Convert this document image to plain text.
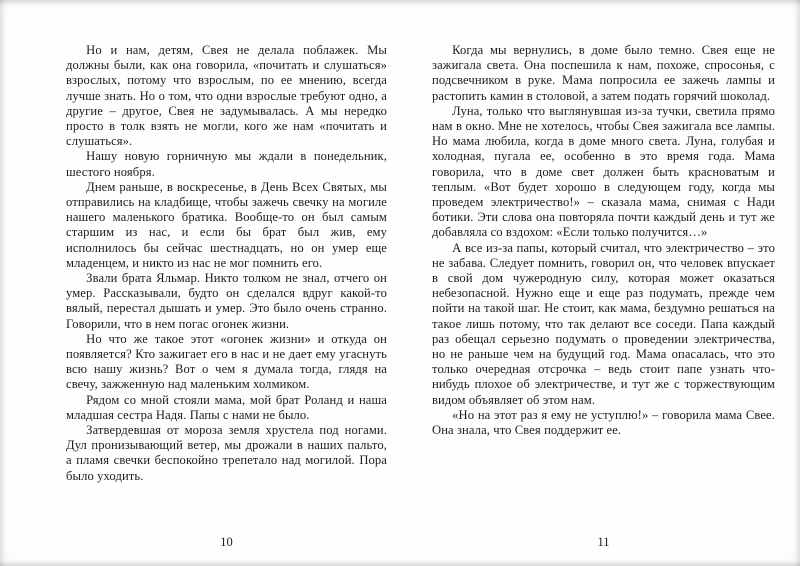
Но и нам, детям, Свея не делала поблажек. Мы должны были, как она говорила, «почитать и слушаться» взрослых, потому что взрослым, по ее мнению, всегда лучше знать. Но о том, что одни взрослые требуют одно, а другие – другое, Свея не задумывалась. А мы нередко просто в толк взять не могли, кого же нам «почитать и слушаться».

Нашу новую горничную мы ждали в понедельник, шестого ноября.

Днем раньше, в воскресенье, в День Всех Святых, мы отправились на кладбище, чтобы зажечь свечку на могиле нашего маленького братика. Вообще-то он был самым старшим из нас, и если бы брат был жив, ему исполнилось бы сейчас шестнадцать, но он умер еще младенцем, и никто из нас не мог помнить его.

Звали брата Яльмар. Никто толком не знал, отчего он умер. Рассказывали, будто он сделался вдруг какой-то вялый, перестал дышать и умер. Это было очень странно. Говорили, что в нем погас огонек жизни.

Но что же такое этот «огонек жизни» и откуда он появляется? Кто зажигает его в нас и не дает ему угаснуть всю нашу жизнь? Вот о чем я думала тогда, глядя на свечу, зажженную над маленьким холмиком.

Рядом со мной стояли мама, мой брат Роланд и наша младшая сестра Надя. Папы с нами не было.

Затвердевшая от мороза земля хрустела под ногами. Дул пронизывающий ветер, мы дрожали в наших пальто, а пламя свечки беспокойно трепетало над могилой. Пора было уходить.

10

Когда мы вернулись, в доме было темно. Свея еще не зажигала света. Она поспешила к нам, похоже, спросонья, с подсвечником в руке. Мама попросила ее зажечь лампы и растопить камин в столовой, а затем подать горячий шоколад.

Луна, только что выглянувшая из-за тучки, светила прямо нам в окно. Мне не хотелось, чтобы Свея зажигала все лампы. Но мама любила, когда в доме много света. Луна, голубая и холодная, пугала ее, особенно в это время года. Мама говорила, что в доме свет должен быть красноватым и теплым. «Вот будет хорошо в следующем году, когда мы проведем электричество!» – сказала мама, снимая с Нади ботики. Эти слова она повторяла почти каждый день и тут же добавляла со вздохом: «Если только получится…»

А все из-за папы, который считал, что электричество – это не забава. Следует помнить, говорил он, что человек впускает в свой дом чужеродную силу, которая может оказаться небезопасной. Нужно еще и еще раз подумать, прежде чем пойти на такой шаг. Не стоит, как мама, бездумно решаться на такое лишь потому, что так делают все соседи. Папа каждый раз обещал серьезно подумать о проведении электричества, но не раньше чем на будущий год. Мама опасалась, что это только очередная отсрочка – ведь стоит папе узнать что-нибудь плохое об электричестве, и тут же с торжествующим видом объявляет об этом нам.

«Но на этот раз я ему не уступлю!» – говорила мама Свее. Она знала, что Свея поддержит ее.

11
